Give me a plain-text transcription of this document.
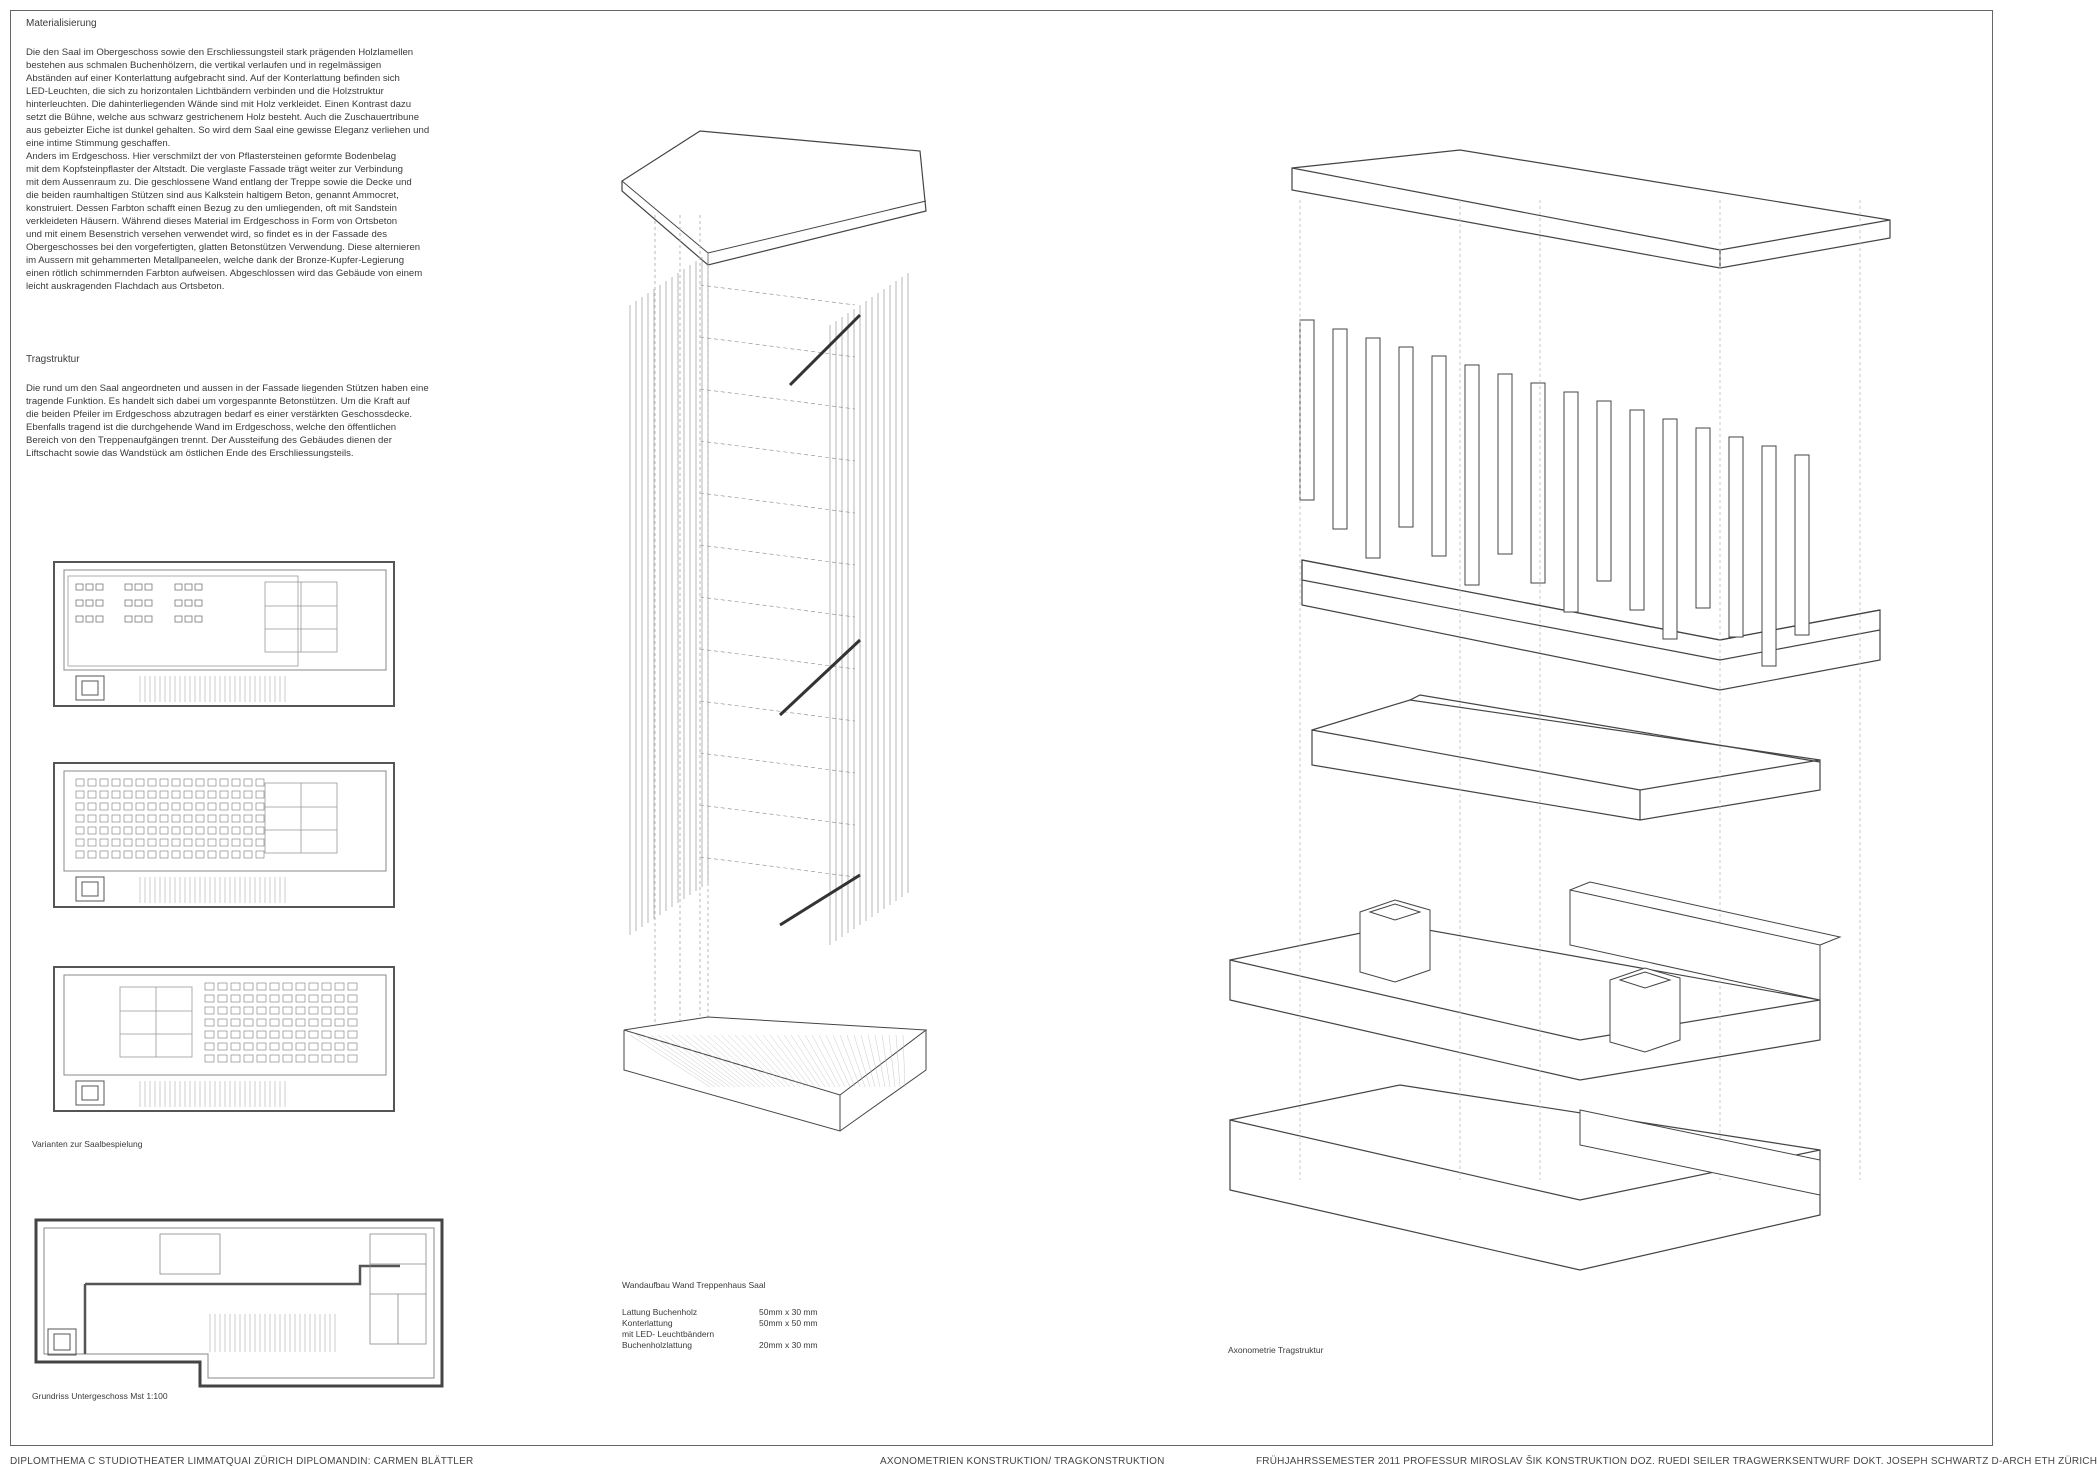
Materialisierung

Die den Saal im Obergeschoss sowie den Erschliessungsteil stark prägenden Holzlamellen

bestehen aus schmalen Buchenhölzern, die vertikal verlaufen und in regelmässigen

Abständen auf einer Konterlattung aufgebracht sind. Auf der Konterlattung befinden sich

LED-Leuchten, die sich zu horizontalen Lichtbändern verbinden und die Holzstruktur

hinterleuchten. Die dahinterliegenden Wände sind mit Holz verkleidet. Einen Kontrast dazu

setzt die Bühne, welche aus schwarz gestrichenem Holz besteht. Auch die Zuschauertribune

aus gebeizter Eiche ist dunkel gehalten. So wird dem Saal eine gewisse Eleganz verliehen und

eine intime Stimmung geschaffen.

Anders im Erdgeschoss. Hier verschmilzt der von Pflastersteinen geformte Bodenbelag

mit dem Kopfsteinpflaster der Altstadt. Die verglaste Fassade trägt weiter zur Verbindung

mit dem Aussenraum zu. Die geschlossene Wand entlang der Treppe sowie die Decke und

die beiden raumhaltigen Stützen sind aus Kalkstein haltigem Beton, genannt Ammocret,

konstruiert. Dessen Farbton schafft einen Bezug zu den umliegenden, oft mit Sandstein

verkleideten Häusern. Während dieses Material im Erdgeschoss in Form von Ortsbeton

und mit einem Besenstrich versehen verwendet wird, so findet es in der Fassade des

Obergeschosses bei den vorgefertigten, glatten Betonstützen Verwendung. Diese alternieren

im Aussern mit gehammerten Metallpaneelen, welche dank der Bronze-Kupfer-Legierung

einen rötlich schimmernden Farbton aufweisen. Abgeschlossen wird das Gebäude von einem

leicht auskragenden Flachdach aus Ortsbeton.

Tragstruktur

Die rund um den Saal angeordneten und aussen in der Fassade liegenden Stützen haben eine

tragende Funktion. Es handelt sich dabei um vorgespannte Betonstützen. Um die Kraft auf

die beiden Pfeiler im Erdgeschoss abzutragen bedarf es einer verstärkten Geschossdecke.

Ebenfalls tragend ist die durchgehende Wand im Erdgeschoss, welche den öffentlichen

Bereich von den Treppenaufgängen trennt. Der Aussteifung des Gebäudes dienen der

Liftschacht sowie das Wandstück am östlichen Ende des Erschliessungsteils.

Varianten zur Saalbespielung
Grundriss Untergeschoss Mst 1:100
Wandaufbau Wand Treppenhaus Saal
Lattung Buchenholz	50mm x 30 mm
Konterlattung	50mm x 50 mm
mit LED- Leuchtbändern
Buchenholzlattung	20mm x 30 mm	Axonometrie Tragstruktur
DIPLOMTHEMA C STUDIOTHEATER LIMMATQUAI ZÜRICH DIPLOMANDIN: CARMEN BLÄTTLER	AXONOMETRIEN KONSTRUKTION/ TRAGKONSTRUKTION	FRÜHJAHRSSEMESTER 2011 PROFESSUR MIROSLAV ŠIK KONSTRUKTION DOZ. RUEDI SEILER TRAGWERKSENTWURF DOKT. JOSEPH SCHWARTZ D-ARCH ETH ZÜRICH
